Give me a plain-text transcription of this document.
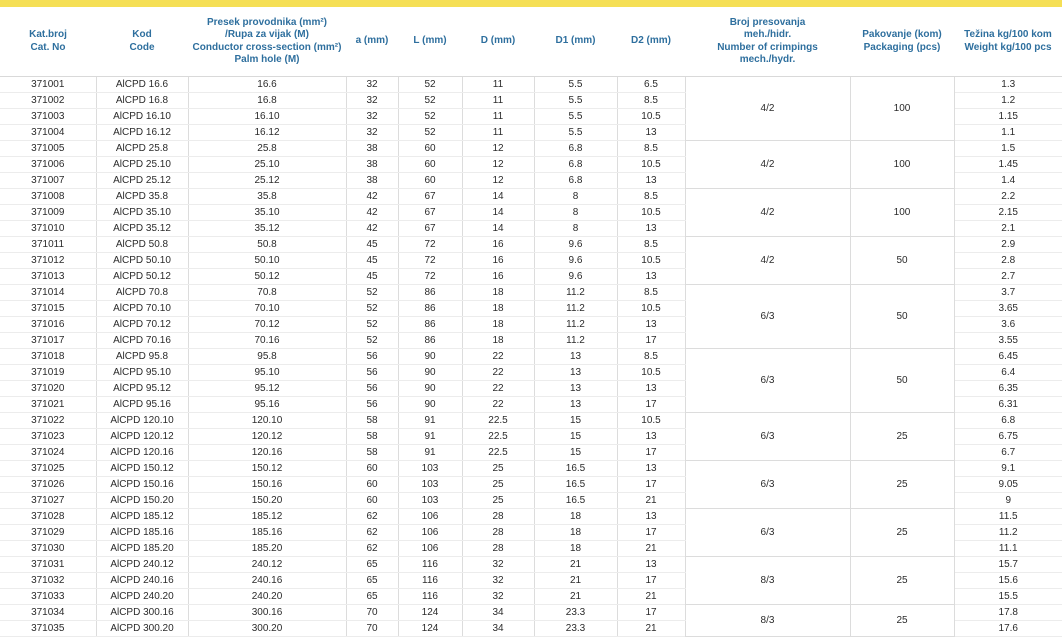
Kat.broj
Cat. No	Kod
Code	Presek provodnika (mm²)
/Rupa za vijak (M)
Conductor cross-section (mm²)
Palm hole (M)	a (mm)	L (mm)	D (mm)	D1 (mm)	D2 (mm)	Broj presovanja
meh./hidr.
Number of crimpings
mech./hydr.	Pakovanje (kom)
Packaging (pcs)	Težina kg/100 kom
Weight kg/100 pcs

371001	AlCPD 16.6	16.6	32	52	11	5.5	6.5	4/2	100	1.3
371002	AlCPD 16.8	16.8	32	52	11	5.5	8.5			1.2
371003	AlCPD 16.10	16.10	32	52	11	5.5	10.5			1.15
371004	AlCPD 16.12	16.12	32	52	11	5.5	13			1.1
371005	AlCPD 25.8	25.8	38	60	12	6.8	8.5	4/2	100	1.5
371006	AlCPD 25.10	25.10	38	60	12	6.8	10.5			1.45
371007	AlCPD 25.12	25.12	38	60	12	6.8	13			1.4
371008	AlCPD 35.8	35.8	42	67	14	8	8.5	4/2	100	2.2
371009	AlCPD 35.10	35.10	42	67	14	8	10.5			2.15
371010	AlCPD 35.12	35.12	42	67	14	8	13			2.1
371011	AlCPD 50.8	50.8	45	72	16	9.6	8.5	4/2	50	2.9
371012	AlCPD 50.10	50.10	45	72	16	9.6	10.5			2.8
371013	AlCPD 50.12	50.12	45	72	16	9.6	13			2.7
371014	AlCPD 70.8	70.8	52	86	18	11.2	8.5	6/3	50	3.7
371015	AlCPD 70.10	70.10	52	86	18	11.2	10.5			3.65
371016	AlCPD 70.12	70.12	52	86	18	11.2	13			3.6
371017	AlCPD 70.16	70.16	52	86	18	11.2	17			3.55
371018	AlCPD 95.8	95.8	56	90	22	13	8.5	6/3	50	6.45
371019	AlCPD 95.10	95.10	56	90	22	13	10.5			6.4
371020	AlCPD 95.12	95.12	56	90	22	13	13			6.35
371021	AlCPD 95.16	95.16	56	90	22	13	17			6.31
371022	AlCPD 120.10	120.10	58	91	22.5	15	10.5	6/3	25	6.8
371023	AlCPD 120.12	120.12	58	91	22.5	15	13			6.75
371024	AlCPD 120.16	120.16	58	91	22.5	15	17			6.7
371025	AlCPD 150.12	150.12	60	103	25	16.5	13	6/3	25	9.1
371026	AlCPD 150.16	150.16	60	103	25	16.5	17			9.05
371027	AlCPD 150.20	150.20	60	103	25	16.5	21			9
371028	AlCPD 185.12	185.12	62	106	28	18	13	6/3	25	11.5
371029	AlCPD 185.16	185.16	62	106	28	18	17			11.2
371030	AlCPD 185.20	185.20	62	106	28	18	21			11.1
371031	AlCPD 240.12	240.12	65	116	32	21	13	8/3	25	15.7
371032	AlCPD 240.16	240.16	65	116	32	21	17			15.6
371033	AlCPD 240.20	240.20	65	116	32	21	21			15.5
371034	AlCPD 300.16	300.16	70	124	34	23.3	17	8/3	25	17.8
371035	AlCPD 300.20	300.20	70	124	34	23.3	21			17.6
